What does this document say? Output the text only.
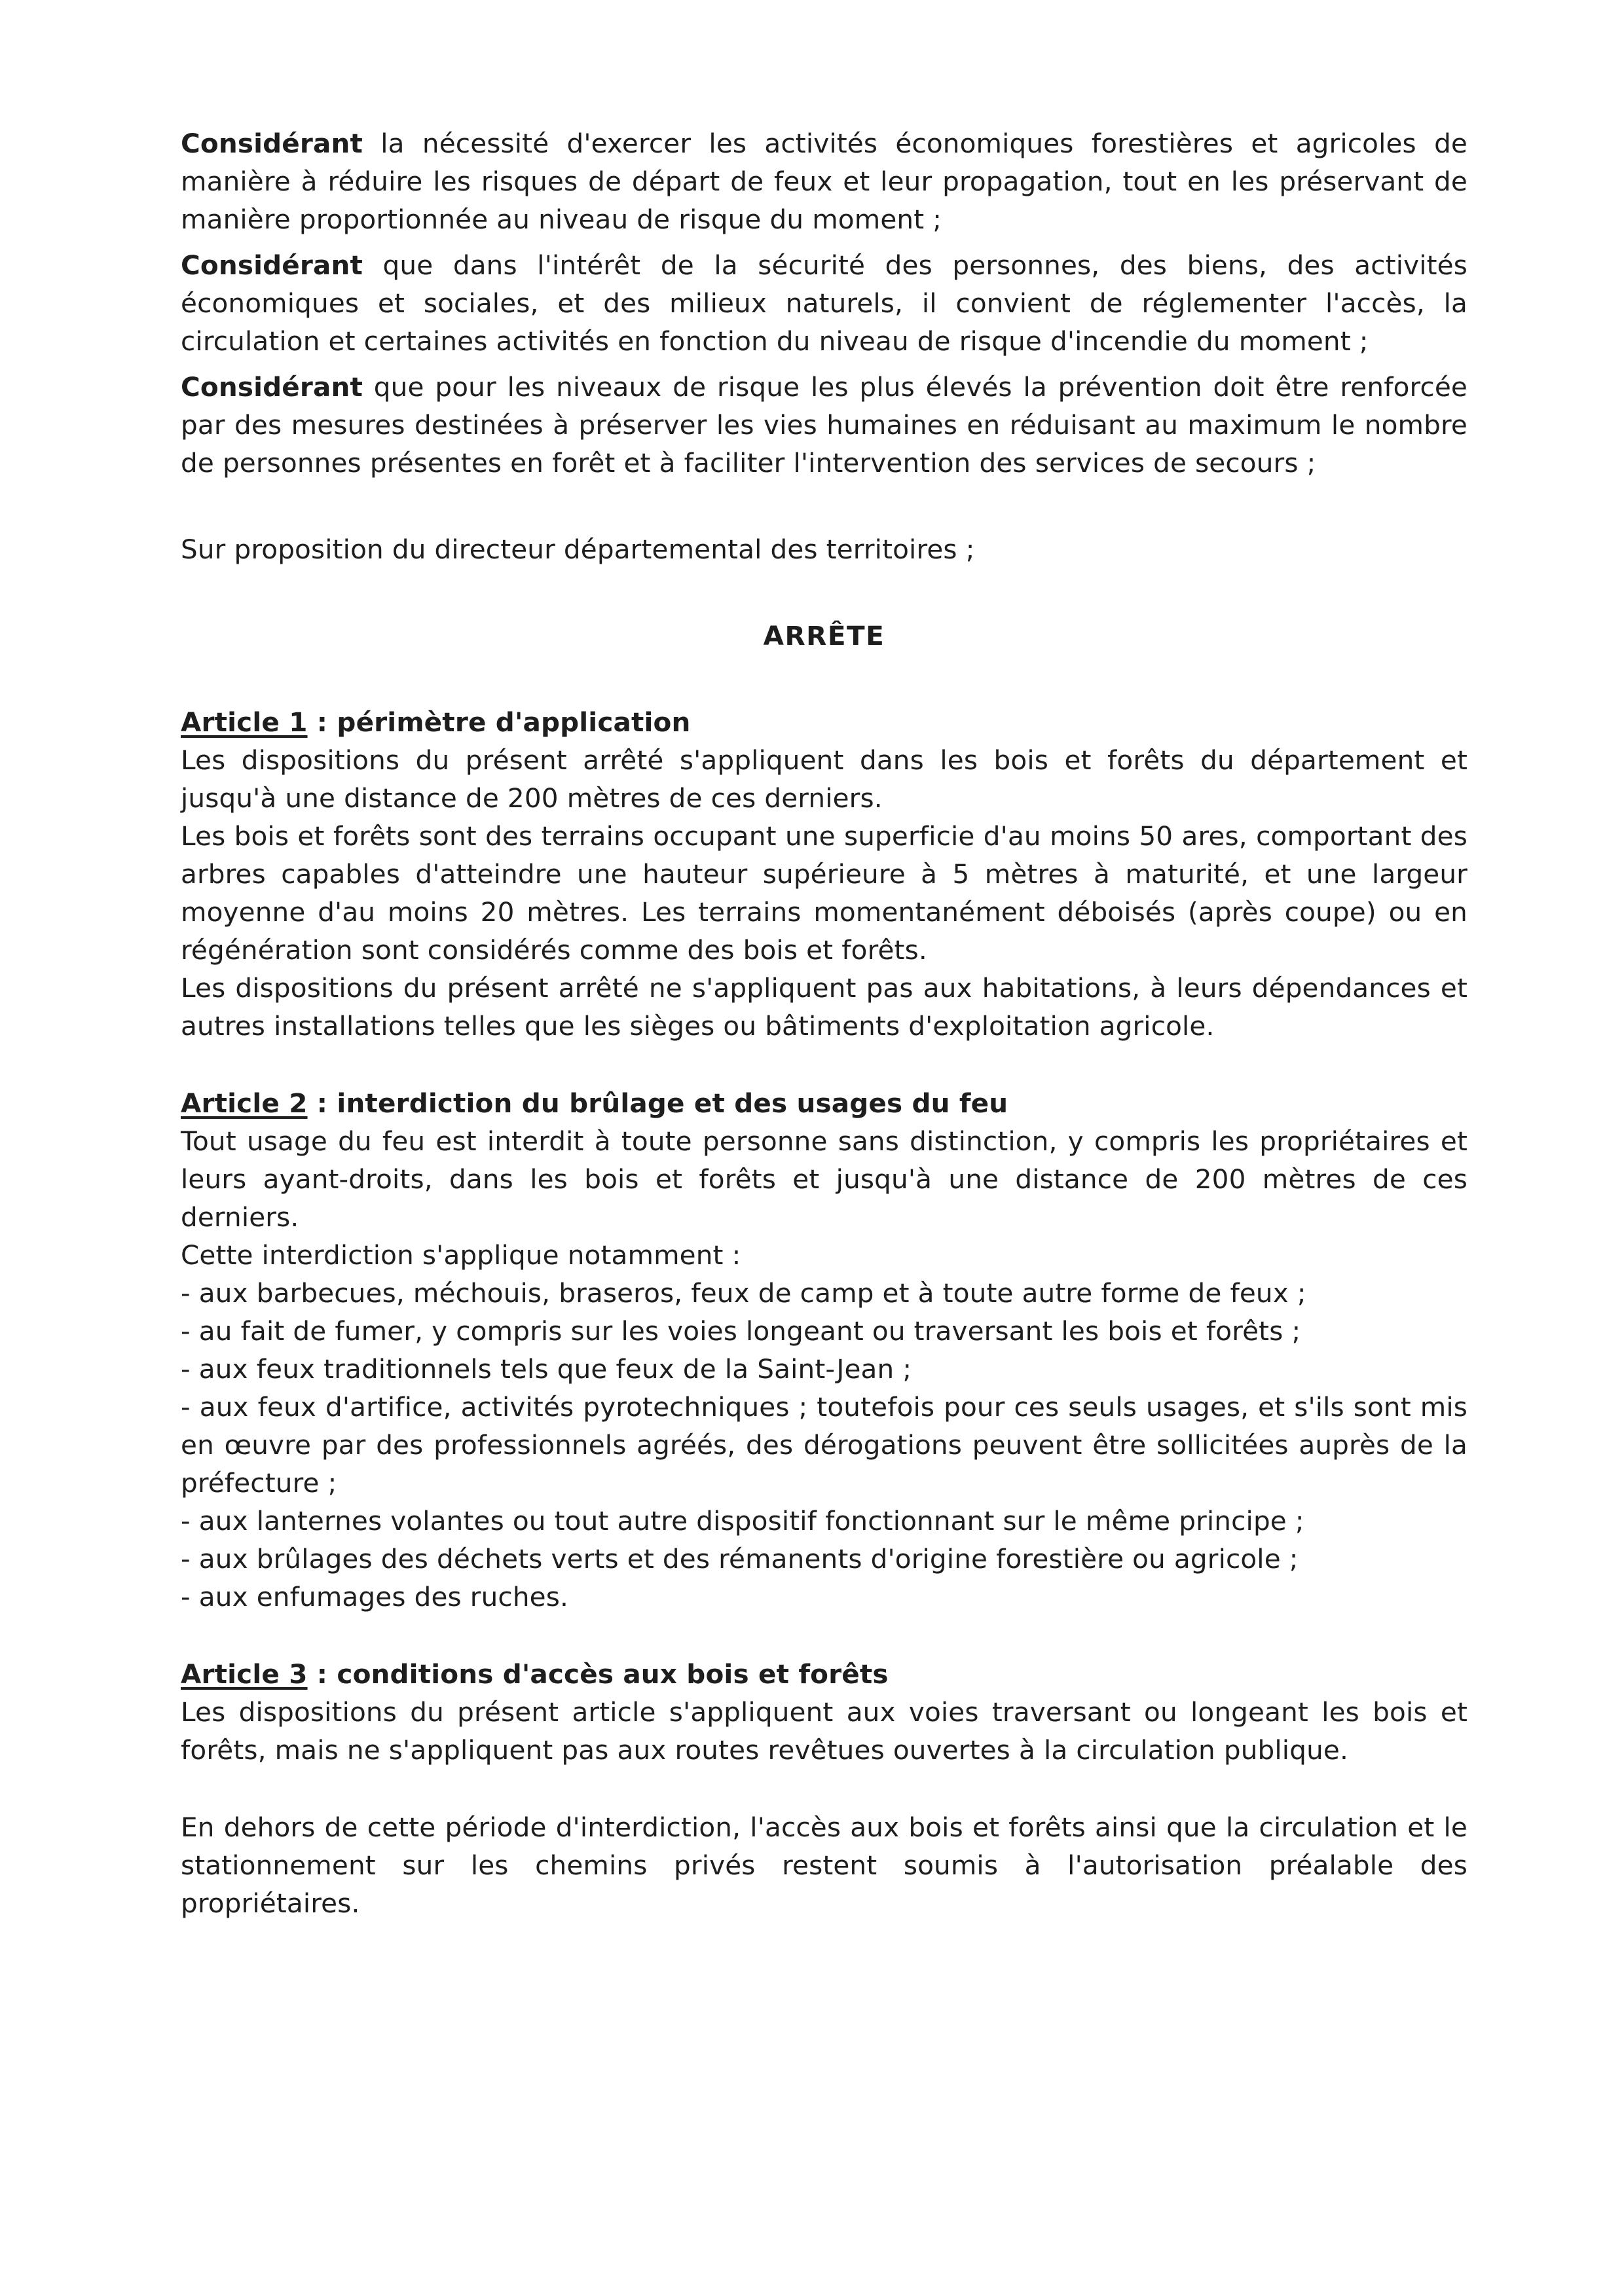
Considérant la nécessité d'exercer les activités économiques forestières et agricoles de manière à réduire les risques de départ de feux et leur propagation, tout en les préservant de manière proportionnée au niveau de risque du moment ;

Considérant que dans l'intérêt de la sécurité des personnes, des biens, des activités économiques et sociales, et des milieux naturels, il convient de réglementer l'accès, la circulation et certaines activités en fonction du niveau de risque d'incendie du moment ;

Considérant que pour les niveaux de risque les plus élevés la prévention doit être renforcée par des mesures destinées à préserver les vies humaines en réduisant au maximum le nombre de personnes présentes en forêt et à faciliter l'intervention des services de secours ;

Sur proposition du directeur départemental des territoires ;

ARRÊTE

Article 1 : périmètre d'application

Les dispositions du présent arrêté s'appliquent dans les bois et forêts du département et jusqu'à une distance de 200 mètres de ces derniers.

Les bois et forêts sont des terrains occupant une superficie d'au moins 50 ares, comportant des arbres capables d'atteindre une hauteur supérieure à 5 mètres à maturité, et une largeur moyenne d'au moins 20 mètres. Les terrains momentanément déboisés (après coupe) ou en régénération sont considérés comme des bois et forêts.

Les dispositions du présent arrêté ne s'appliquent pas aux habitations, à leurs dépendances et autres installations telles que les sièges ou bâtiments d'exploitation agricole.

Article 2 : interdiction du brûlage et des usages du feu

Tout usage du feu est interdit à toute personne sans distinction, y compris les propriétaires et leurs ayant-droits, dans les bois et forêts et jusqu'à une distance de 200 mètres de ces derniers.

Cette interdiction s'applique notamment :

- aux barbecues, méchouis, braseros, feux de camp et à toute autre forme de feux ;

- au fait de fumer, y compris sur les voies longeant ou traversant les bois et forêts ;

- aux feux traditionnels tels que feux de la Saint-Jean ;

- aux feux d'artifice, activités pyrotechniques ; toutefois pour ces seuls usages, et s'ils sont mis en œuvre par des professionnels agréés, des dérogations peuvent être sollicitées auprès de la préfecture ;

- aux lanternes volantes ou tout autre dispositif fonctionnant sur le même principe ;

- aux brûlages des déchets verts et des rémanents d'origine forestière ou agricole ;

- aux enfumages des ruches.

Article 3 : conditions d'accès aux bois et forêts

Les dispositions du présent article s'appliquent aux voies traversant ou longeant les bois et forêts, mais ne s'appliquent pas aux routes revêtues ouvertes à la circulation publique.

En dehors de cette période d'interdiction, l'accès aux bois et forêts ainsi que la circulation et le stationnement sur les chemins privés restent soumis à l'autorisation préalable des propriétaires.
